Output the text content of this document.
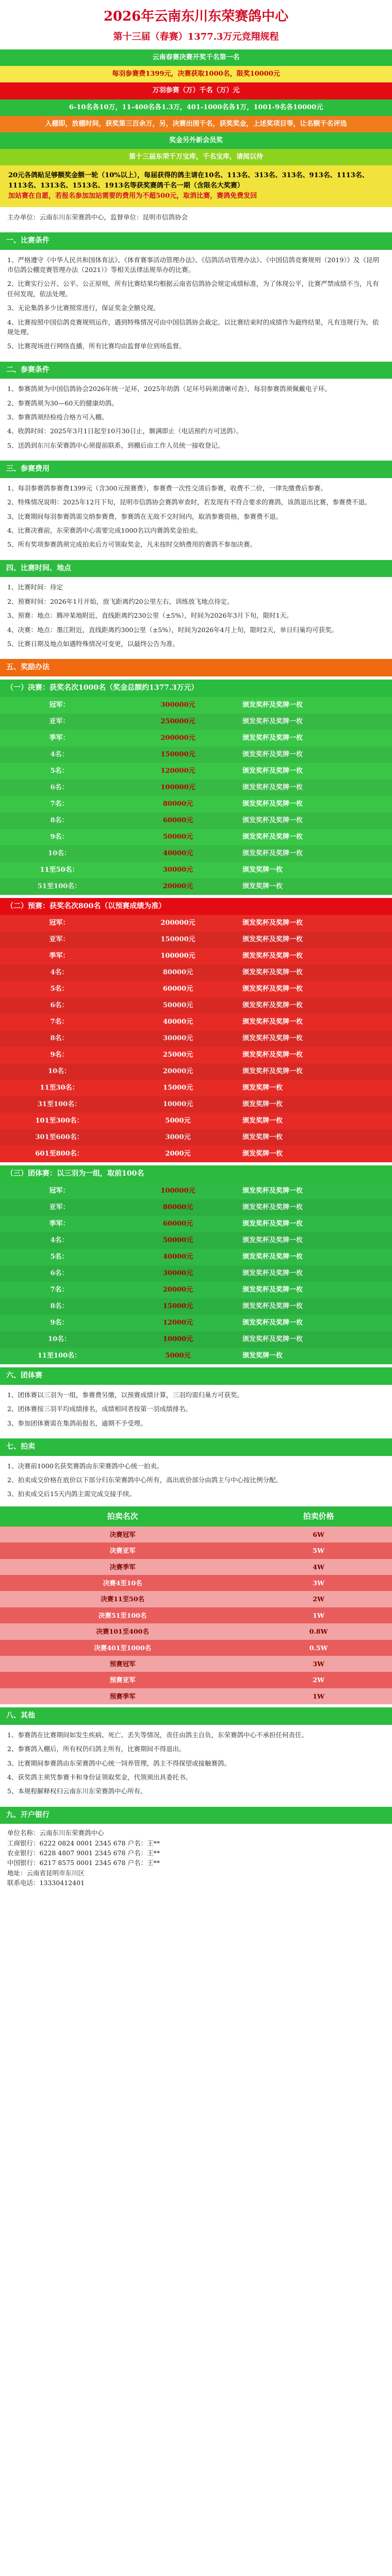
2026年云南东川东荣赛鸽中心
第十三届（春赛）1377.3万元竞翔规程
云南春赛决赛开奖千名第一名
每羽参赛费1399元，决赛获取1000名，限奖10000元
万羽参赛（万）千名（万）元
6-10名各10万，11-400名各1.3万，401-1000名各1万，1001-9名各10000元
入棚即，放棚时间，获奖第三百余万，另，决赛出围千名，获奖奖金，上述奖项目等，让名额千名评选
奖金另外新会员奖
第十三届东荣千万宝库，千名宝库，请阅以待

20元各鸽贴足够额奖金额一轮（10%以上），每届获得的鸽主请在10名、113名、313名、313名、913名、1113名、1113名、1313名、1513名、1913名等获奖赛鸽千名一期（含限名大奖赛）

加站赛在自愿，若报名参加加站需要的费用为不超500元，取消比赛，赛鸽免费发回

主办单位：云南东川东荣赛鸽中心，监督单位：昆明市信鸽协会

一、比赛条件

1、严格遵守《中华人民共和国体育法》、《体育赛事活动管理办法》、《信鸽活动管理办法》、《中国信鸽竞赛规则（2019）》及《昆明市信鸽公棚竞赛管理办法（2021）》等相关法律法规举办的比赛。

2、比赛实行公开、公平、公正原则，所有比赛结果均根据云南省信鸽协会规定成绩标准，为了体现公平，比赛严禁成绩不当，凡有任何发现，依法处理。

3、无论集鸽多少比赛照常进行，保证奖金全额兑现。

4、比赛按照中国信鸽竞赛规则运作，遇到特殊情况可由中国信鸽协会裁定。以比赛结束时的成绩作为最终结果，凡有违规行为，依规处理。

5、比赛现场进行网络直播，所有比赛均由监督单位到场监督。

二、参赛条件

1、参赛鸽须为中国信鸽协会2026年统一足环，2025年幼鸽（足环号码须清晰可查），每羽参赛鸽须佩戴电子环。

2、参赛鸽须为30—60天的健康幼鸽。

3、参赛鸽须经检疫合格方可入棚。

4、收鸽时间：2025年3月1日起至10月30日止，额满即止（电话预约方可送鸽）。

5、送鸽到东川东荣赛鸽中心须提前联系，到棚后由工作人员统一接收登记。

三、参赛费用

1、每羽参赛鸽参赛费1399元（含300元预赛费），参赛费一次性交清后参赛，收费不二价，一律先缴费后参赛。

2、特殊情况说明：2025年12月下旬，昆明市信鸽协会赛鸽审查时，若发现有不符合要求的赛鸽，该鸽退出比赛，参赛费不退。

3、比赛期间每羽参赛鸽需交纳参赛费，参赛鸽在无故不交时间内，取消参赛资格，参赛费不退。

4、比赛决赛前，东荣赛鸽中心需要完成1000名以内赛鸽奖金拍卖。

5、所有奖项参赛鸽须完成拍卖后方可领取奖金，凡未按时交纳费用的赛鸽不参加决赛。

四、比赛时间、地点

1、比赛时间：待定

2、预赛时间：2026年1月开始，放飞距离约20公里左右，训练放飞地点待定。

3、预赛：地点：腾冲某地附近，直线距离约230公里（±5%），时间为2026年3月下旬，限时1天。

4、决赛：地点：墨江附近，直线距离约300公里（±5%），时间为2026年4月上旬，限时2天，单日归巢均可获奖。

5、比赛日期及地点如遇特殊情况可变更，以最终公告为准。

五、奖励办法
（一）决赛：获奖名次1000名（奖金总额约1377.3万元）
冠军：	300000元	颁发奖杯及奖牌一枚
亚军：	250000元	颁发奖杯及奖牌一枚
季军：	200000元	颁发奖杯及奖牌一枚
4名：	150000元	颁发奖杯及奖牌一枚
5名：	120000元	颁发奖杯及奖牌一枚
6名：	100000元	颁发奖杯及奖牌一枚
7名：	80000元	颁发奖杯及奖牌一枚
8名：	60000元	颁发奖杯及奖牌一枚
9名：	50000元	颁发奖杯及奖牌一枚
10名：	40000元	颁发奖杯及奖牌一枚
11至50名：	30000元	颁发奖牌一枚
51至100名：	20000元	颁发奖牌一枚
（二）预赛：获奖名次800名（以预赛成绩为准）
冠军：	200000元	颁发奖杯及奖牌一枚
亚军：	150000元	颁发奖杯及奖牌一枚
季军：	100000元	颁发奖杯及奖牌一枚
4名：	80000元	颁发奖杯及奖牌一枚
5名：	60000元	颁发奖杯及奖牌一枚
6名：	50000元	颁发奖杯及奖牌一枚
7名：	40000元	颁发奖杯及奖牌一枚
8名：	30000元	颁发奖杯及奖牌一枚
9名：	25000元	颁发奖杯及奖牌一枚
10名：	20000元	颁发奖杯及奖牌一枚
11至30名：	15000元	颁发奖牌一枚
31至100名：	10000元	颁发奖牌一枚
101至300名：	5000元	颁发奖牌一枚
301至600名：	3000元	颁发奖牌一枚
601至800名：	2000元	颁发奖牌一枚
（三）团体赛：以三羽为一组，取前100名
冠军：	100000元	颁发奖杯及奖牌一枚
亚军：	80000元	颁发奖杯及奖牌一枚
季军：	60000元	颁发奖杯及奖牌一枚
4名：	50000元	颁发奖杯及奖牌一枚
5名：	40000元	颁发奖杯及奖牌一枚
6名：	30000元	颁发奖杯及奖牌一枚
7名：	20000元	颁发奖杯及奖牌一枚
8名：	15000元	颁发奖杯及奖牌一枚
9名：	12000元	颁发奖杯及奖牌一枚
10名：	10000元	颁发奖杯及奖牌一枚
11至100名：	5000元	颁发奖牌一枚
六、团体赛

1、团体赛以三羽为一组，参赛费另缴，以预赛成绩计算，三羽均需归巢方可获奖。

2、团体赛按三羽平均成绩排名，成绩相同者按第一羽成绩排名。

3、参加团体赛需在集鸽前报名，逾期不予受理。

七、拍卖

1、决赛前1000名获奖赛鸽由东荣赛鸽中心统一拍卖。

2、拍卖成交价格在底价以下部分归东荣赛鸽中心所有，高出底价部分由鸽主与中心按比例分配。

3、拍卖成交后15天内鸽主需完成交接手续。

拍卖名次	拍卖价格
决赛冠军	6W
决赛亚军	5W
决赛季军	4W
决赛4至10名	3W
决赛11至50名	2W
决赛51至100名	1W
决赛101至400名	0.8W
决赛401至1000名	0.5W
预赛冠军	3W
预赛亚军	2W
预赛季军	1W
八、其他

1、参赛鸽在比赛期间如发生疾病、死亡、丢失等情况，责任由鸽主自负，东荣赛鸽中心不承担任何责任。

2、参赛鸽入棚后，所有权仍归鸽主所有，比赛期间不得退出。

3、比赛期间参赛鸽由东荣赛鸽中心统一饲养管理，鸽主不得探望或接触赛鸽。

4、获奖鸽主须凭参赛卡和身份证领取奖金，代领须出具委托书。

5、本规程解释权归云南东川东荣赛鸽中心所有。

九、开户银行

单位名称：云南东川东荣赛鸽中心

工商银行：6222 0824 0001 2345 678 户名：王**

农业银行：6228 4807 9001 2345 678 户名：王**

中国银行：6217 8575 0001 2345 678 户名：王**

地址：云南省昆明市东川区

联系电话：13330412401
